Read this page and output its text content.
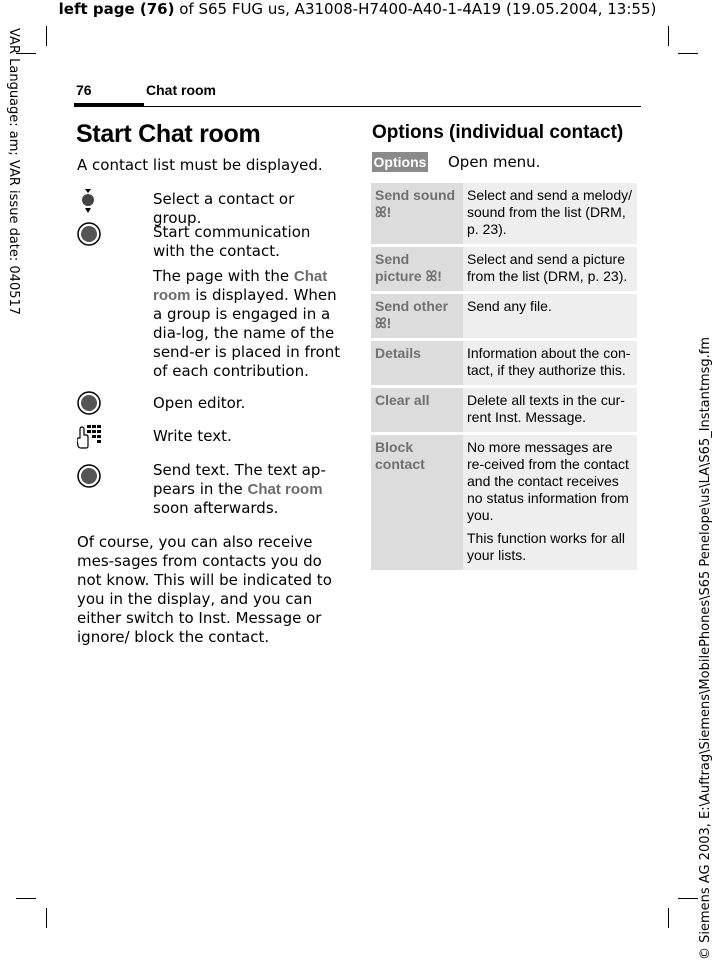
left page (76) of S65 FUG us, A31008-H7400-A40-1-4A19 (19.05.2004, 13:55)
VAR Language: am; VAR issue date: 040517
© Siemens AG 2003, E:\Auftrag\Siemens\MobilePhones\S65 Penelope\us\LA\S65_Instantmsg.fm
76	Chat room
Start Chat room
A contact list must be displayed.
Select a contact or group.
Start communication with the contact.
The page with the Chat room is displayed. When a group is engaged in a dia-log, the name of the send-er is placed in front of each contribution.
Open editor.
Write text.
Send text. The text ap-pears in the Chat room soon afterwards.
Of course, you can also receive mes-sages from contacts you do not know. This will be indicated to you in the display, and you can either switch to Inst. Message or ignore/ block the contact.
Options (individual contact)
Options Open menu.
Send sound
ꕤ!	Select and send a melody/ sound from the list (DRM, p. 23).
Send picture ꕤ!	Select and send a picture from the list (DRM, p. 23).

Send other
ꕤ!	Send any file.
Details	Information about the con-tact, if they authorize this.
Clear all	Delete all texts in the cur-rent Inst. Message.
Block contact	No more messages are re-ceived from the contact and the contact receives no status information from you.
This function works for all your lists.
